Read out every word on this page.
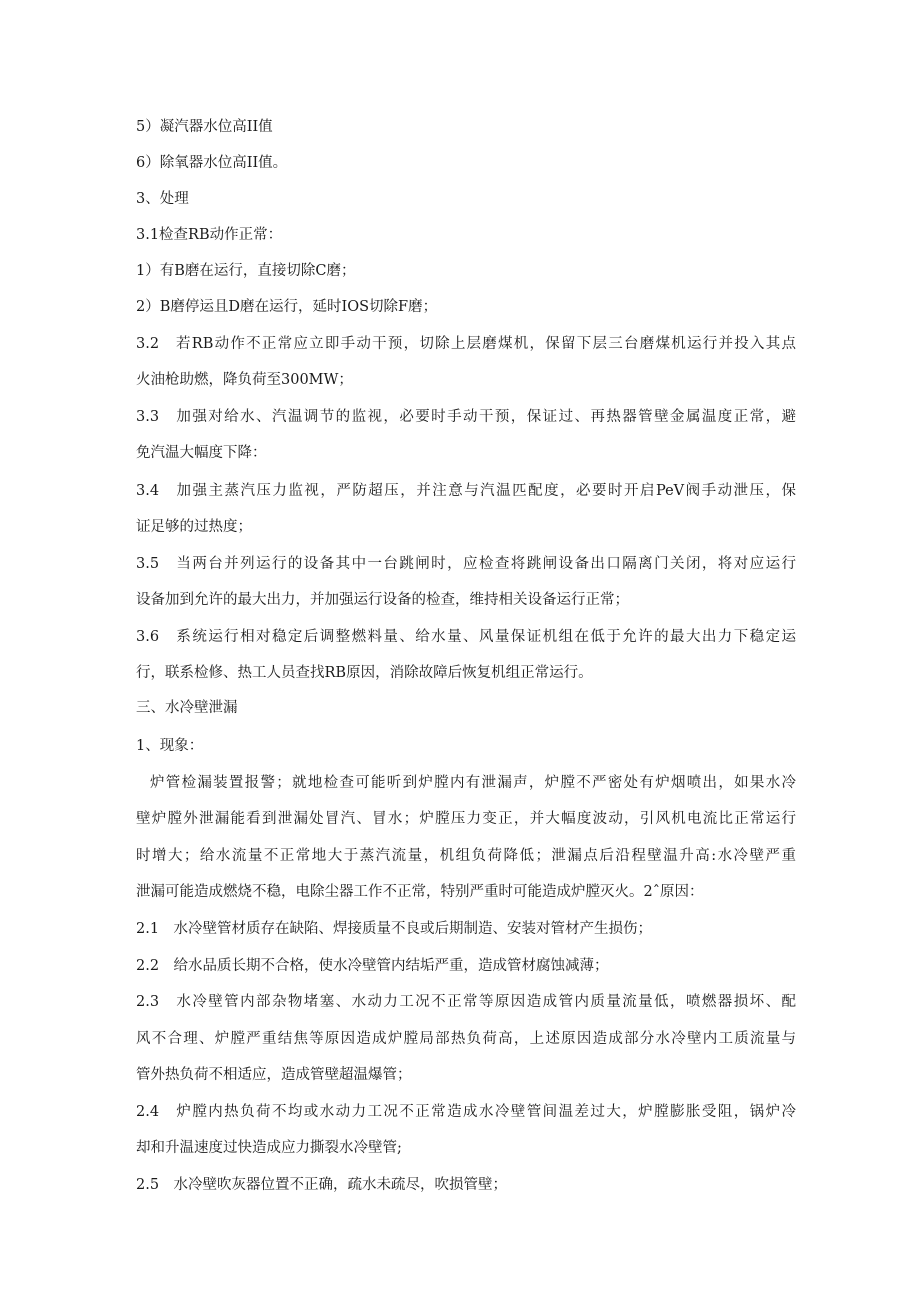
5）凝汽器水位高II值
6）除氧器水位高II值。
3、处理
3.1检查RB动作正常：
1）有B磨在运行，直接切除C磨；
2）B磨停运且D磨在运行，延时IOS切除F磨；
3.2　若RB动作不正常应立即手动干预，切除上层磨煤机，保留下层三台磨煤机运行并投入其点
火油枪助燃，降负荷至300MW；
3.3　加强对给水、汽温调节的监视，必要时手动干预，保证过、再热器管壁金属温度正常，避
免汽温大幅度下降：
3.4　加强主蒸汽压力监视，严防超压，并注意与汽温匹配度，必要时开启PeV阀手动泄压，保
证足够的过热度；
3.5　当两台并列运行的设备其中一台跳闸时，应检查将跳闸设备出口隔离门关闭，将对应运行
设备加到允许的最大出力，并加强运行设备的检查，维持相关设备运行正常；
3.6　系统运行相对稳定后调整燃料量、给水量、风量保证机组在低于允许的最大出力下稳定运
行，联系检修、热工人员查找RB原因，消除故障后恢复机组正常运行。
三、水冷壁泄漏
1、现象：
炉管检漏装置报警；就地检查可能听到炉膛内有泄漏声，炉膛不严密处有炉烟喷出，如果水冷
壁炉膛外泄漏能看到泄漏处冒汽、冒水；炉膛压力变正，并大幅度波动，引风机电流比正常运行
时增大；给水流量不正常地大于蒸汽流量，机组负荷降低；泄漏点后沿程壁温升高:水冷壁严重
泄漏可能造成燃烧不稳，电除尘器工作不正常，特别严重时可能造成炉膛灭火。2ˆ原因：
2.1　水冷壁管材质存在缺陷、焊接质量不良或后期制造、安装对管材产生损伤；
2.2　给水品质长期不合格，使水冷壁管内结垢严重，造成管材腐蚀减薄；
2.3　水冷壁管内部杂物堵塞、水动力工况不正常等原因造成管内质量流量低，喷燃器损坏、配
风不合理、炉膛严重结焦等原因造成炉膛局部热负荷高，上述原因造成部分水冷壁内工质流量与
管外热负荷不相适应，造成管壁超温爆管；
2.4　炉膛内热负荷不均或水动力工况不正常造成水冷壁管间温差过大，炉膛膨胀受阻，锅炉冷
却和升温速度过快造成应力撕裂水冷壁管;
2.5　水冷壁吹灰器位置不正确，疏水未疏尽，吹损管壁；
